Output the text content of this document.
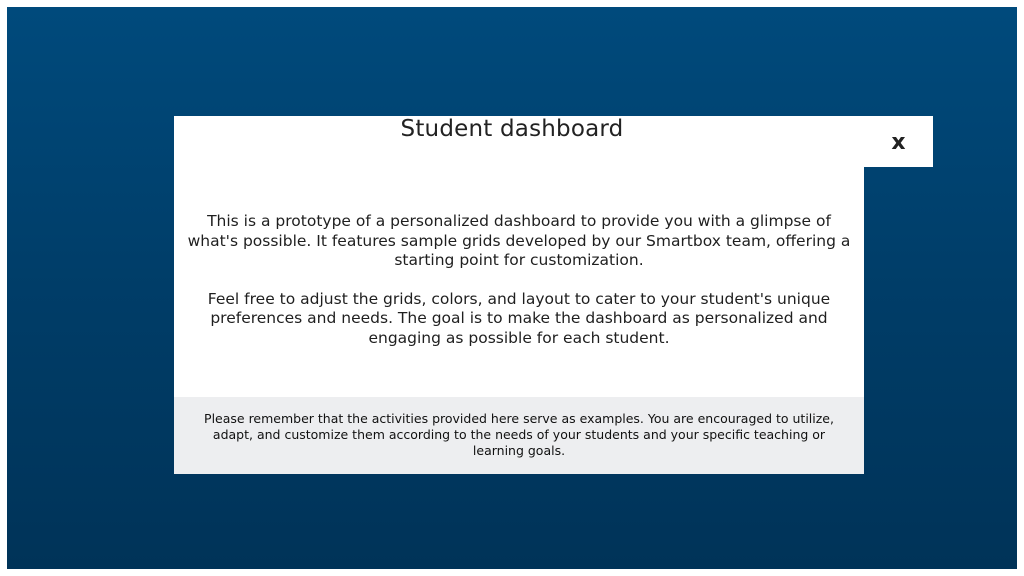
This is a prototype of a personalized dashboard to provide you with a glimpse of what's possible. It features sample grids developed by our Smartbox team, offering a starting point for customization.

Feel free to adjust the grids, colors, and layout to cater to your student's unique preferences and needs. The goal is to make the dashboard as personalized and engaging as possible for each student.

Please remember that the activities provided here serve as examples. You are encouraged to utilize, adapt, and customize them according to the needs of your students and your specific teaching or learning goals.
x
Student dashboard
